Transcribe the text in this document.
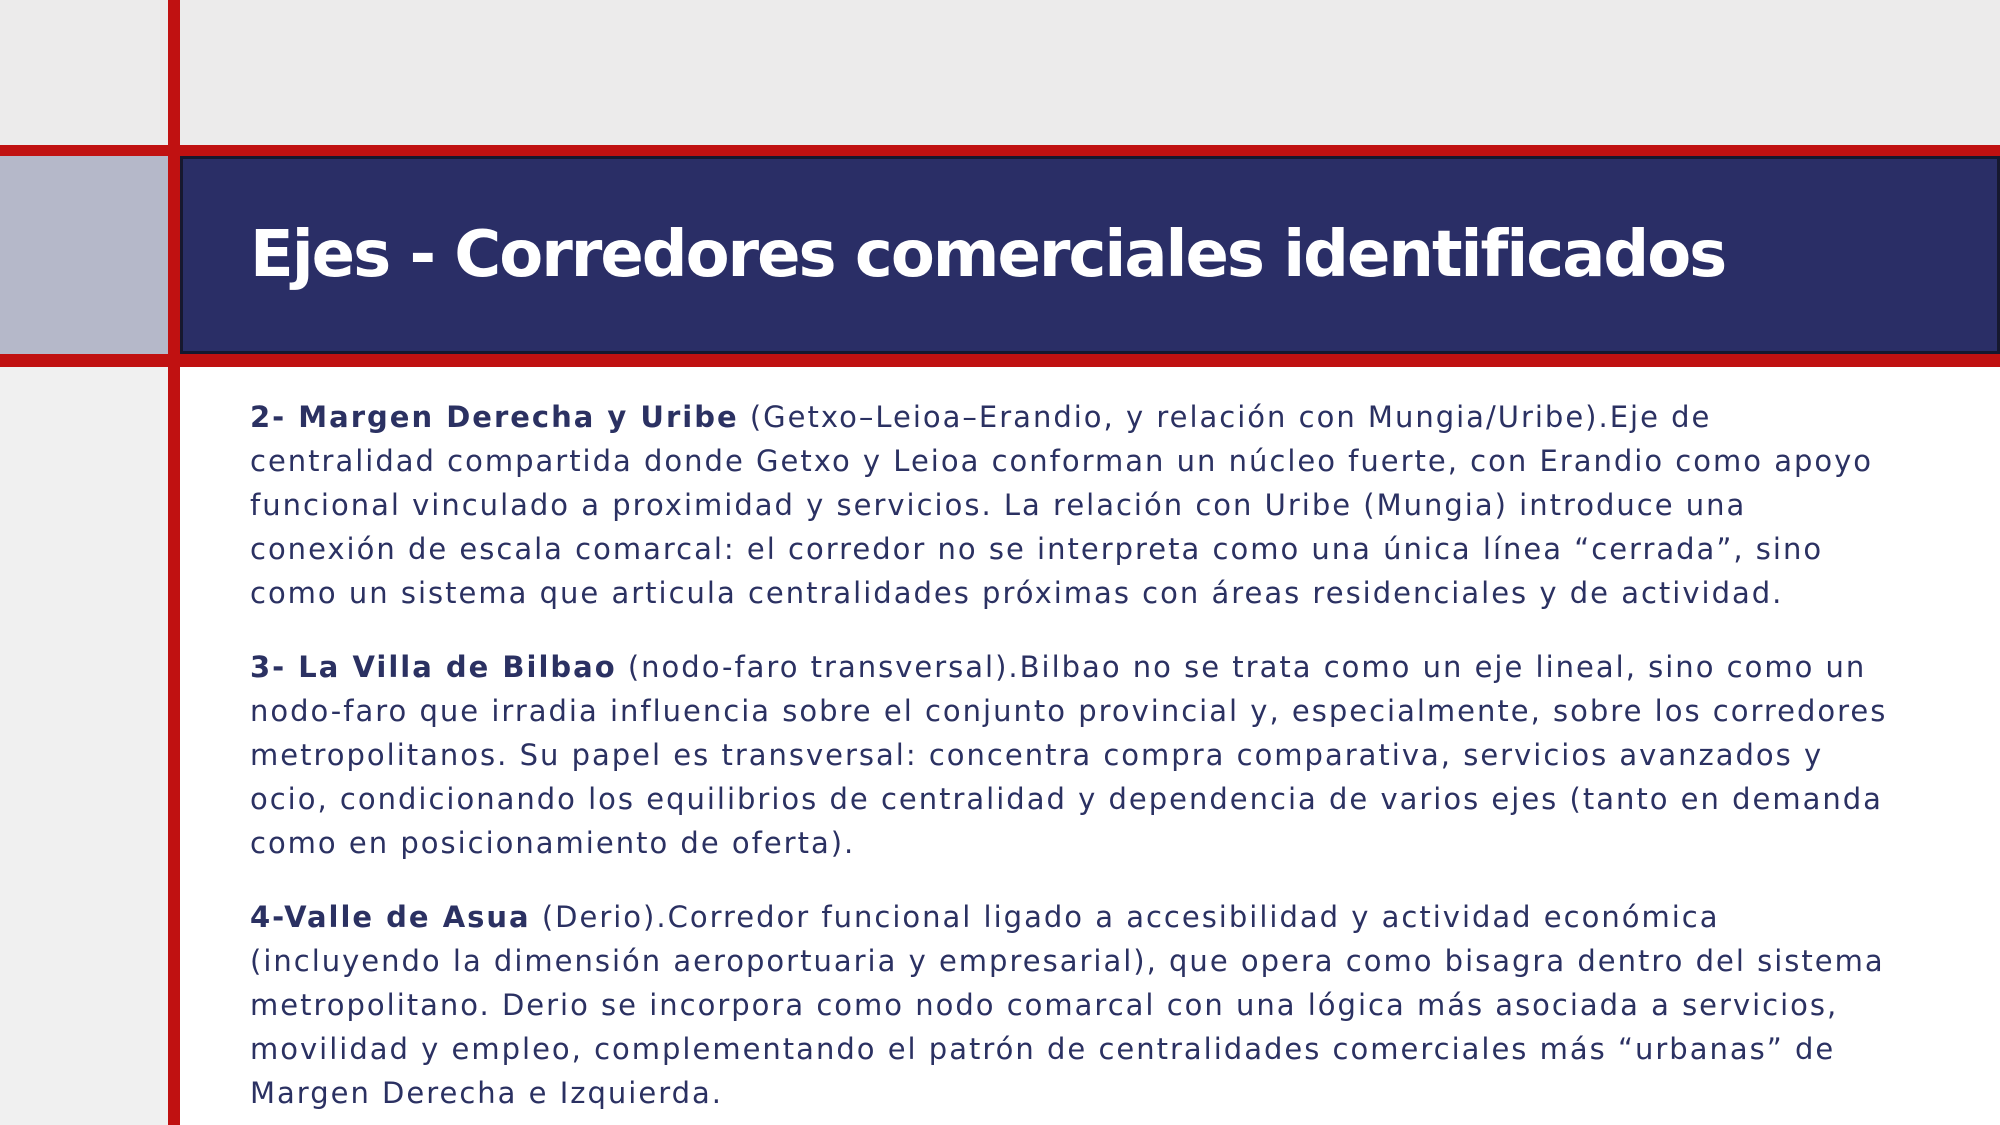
Ejes - Corredores comerciales identificados
2- Margen Derecha y Uribe (Getxo–Leioa–Erandio, y relación con Mungia/Uribe).Eje de
centralidad compartida donde Getxo y Leioa conforman un núcleo fuerte, con Erandio como apoyo
funcional vinculado a proximidad y servicios. La relación con Uribe (Mungia) introduce una
conexión de escala comarcal: el corredor no se interpreta como una única línea “cerrada”, sino
como un sistema que articula centralidades próximas con áreas residenciales y de actividad.
3- La Villa de Bilbao (nodo-faro transversal).Bilbao no se trata como un eje lineal, sino como un
nodo-faro que irradia influencia sobre el conjunto provincial y, especialmente, sobre los corredores
metropolitanos. Su papel es transversal: concentra compra comparativa, servicios avanzados y
ocio, condicionando los equilibrios de centralidad y dependencia de varios ejes (tanto en demanda
como en posicionamiento de oferta).
4-Valle de Asua (Derio).Corredor funcional ligado a accesibilidad y actividad económica
(incluyendo la dimensión aeroportuaria y empresarial), que opera como bisagra dentro del sistema
metropolitano. Derio se incorpora como nodo comarcal con una lógica más asociada a servicios,
movilidad y empleo, complementando el patrón de centralidades comerciales más “urbanas” de
Margen Derecha e Izquierda.
